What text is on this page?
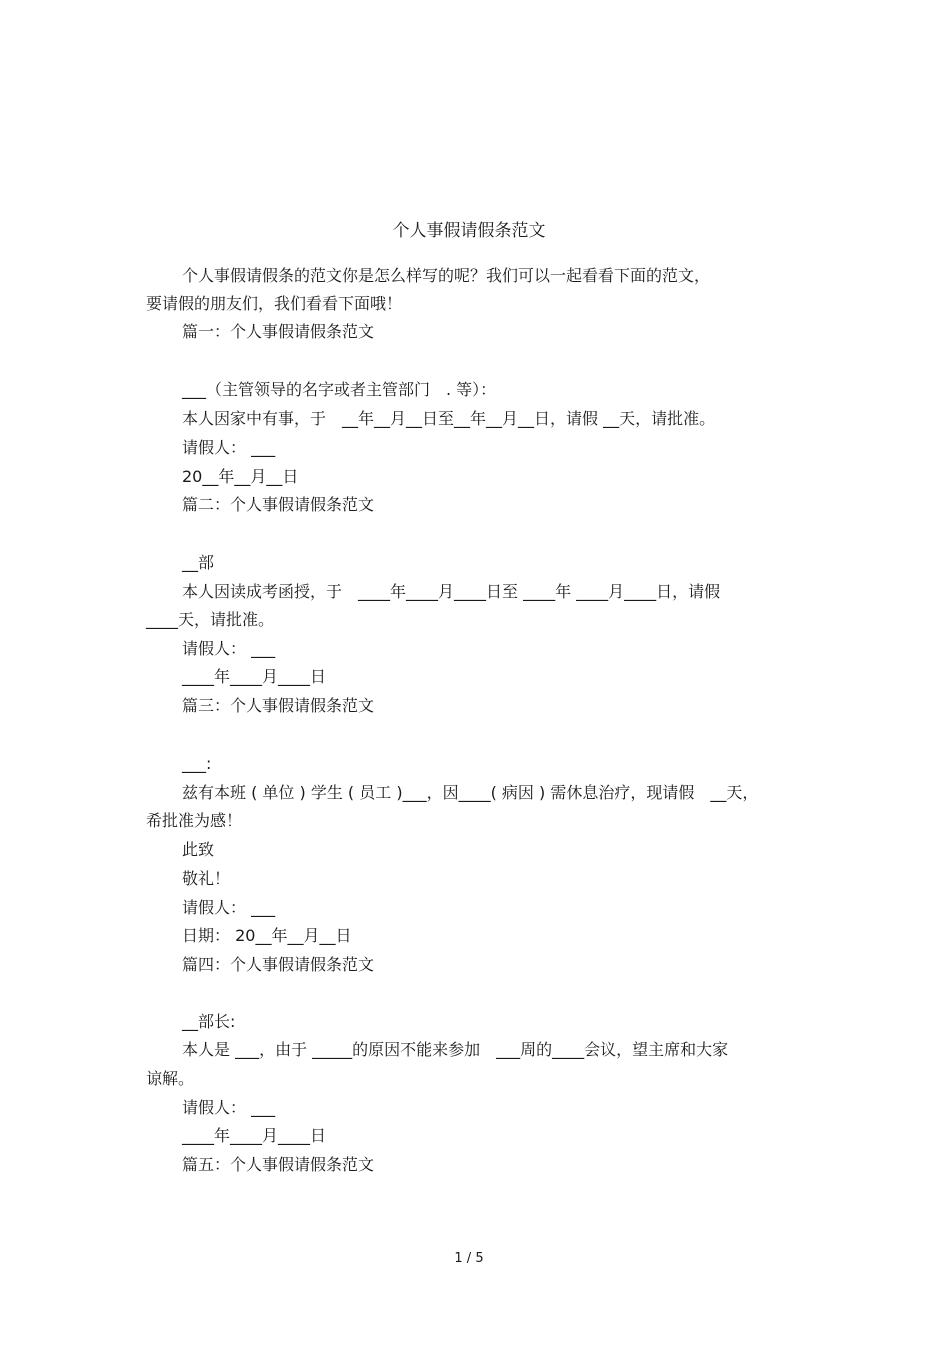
个人事假请假条范文
个人事假请假条的范文你是怎么样写的呢？我们可以一起看看下面的范文，
要请假的朋友们，我们看看下面哦！
篇一：个人事假请假条范文
___（主管领导的名字或者主管部门　. 等）：
本人因家中有事，于　__年__月__日至__年__月__日，请假 __天，请批准。
请假人： ___
20__年__月__日
篇二：个人事假请假条范文
__部
本人因读成考函授，于　____年____月____日至 ____年 ____月____日，请假
____天，请批准。
请假人： ___
____年____月____日
篇三：个人事假请假条范文
___:
兹有本班 ( 单位 ) 学生 ( 员工 )___，因____( 病因 ) 需休息治疗，现请假　__天，
希批准为感！
此致
敬礼！
请假人： ___
日期： 20__年__月__日
篇四：个人事假请假条范文
__部长:
本人是 ___，由于 _____的原因不能来参加　___周的____会议，望主席和大家
谅解。
请假人： ___
____年____月____日
篇五：个人事假请假条范文
1 / 5
